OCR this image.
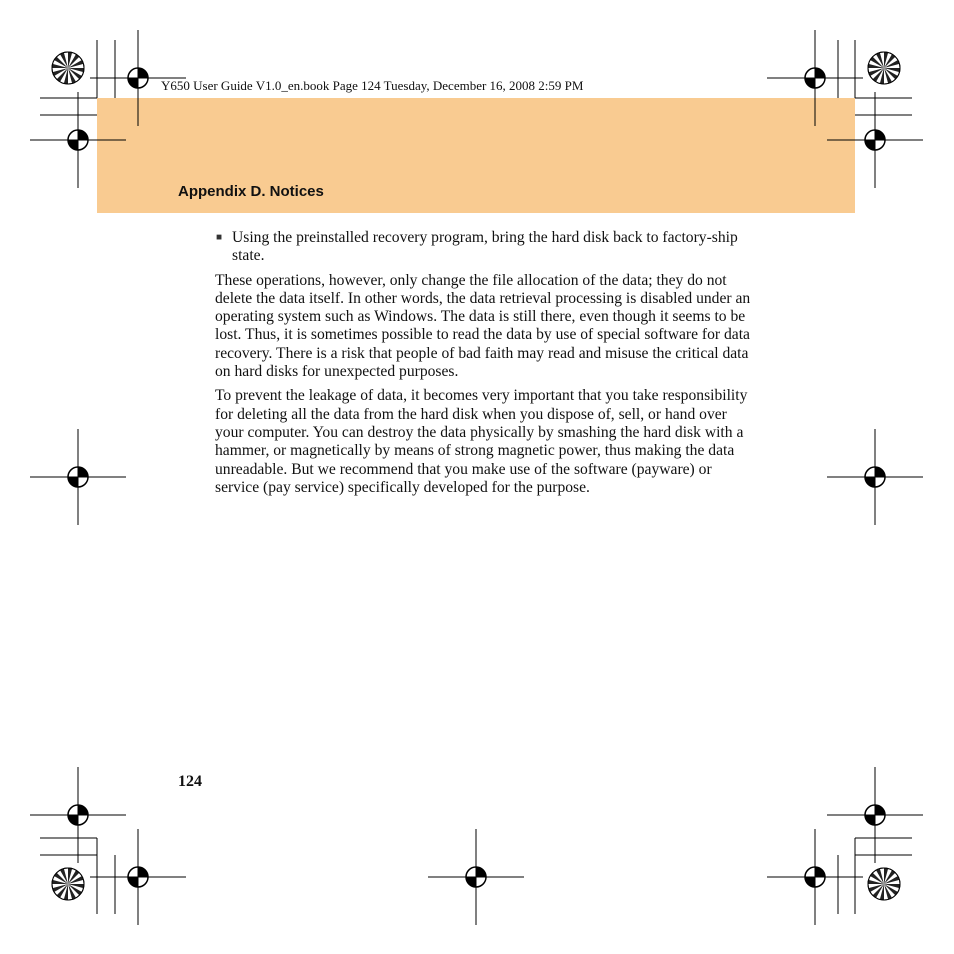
Y650 User Guide V1.0_en.book Page 124 Tuesday, December 16, 2008 2:59 PM
Appendix D. Notices
■ Using the preinstalled recovery program, bring the hard disk back to factory-ship state.

These operations, however, only change the file allocation of the data; they do not delete the data itself. In other words, the data retrieval processing is disabled under an operating system such as Windows. The data is still there, even though it seems to be lost. Thus, it is sometimes possible to read the data by use of special software for data recovery. There is a risk that people of bad faith may read and misuse the critical data on hard disks for unexpected purposes.

To prevent the leakage of data, it becomes very important that you take responsibility for deleting all the data from the hard disk when you dispose of, sell, or hand over your computer. You can destroy the data physically by smashing the hard disk with a hammer, or magnetically by means of strong magnetic power, thus making the data unreadable. But we recommend that you make use of the software (payware) or service (pay service) specifically developed for the purpose.

124
